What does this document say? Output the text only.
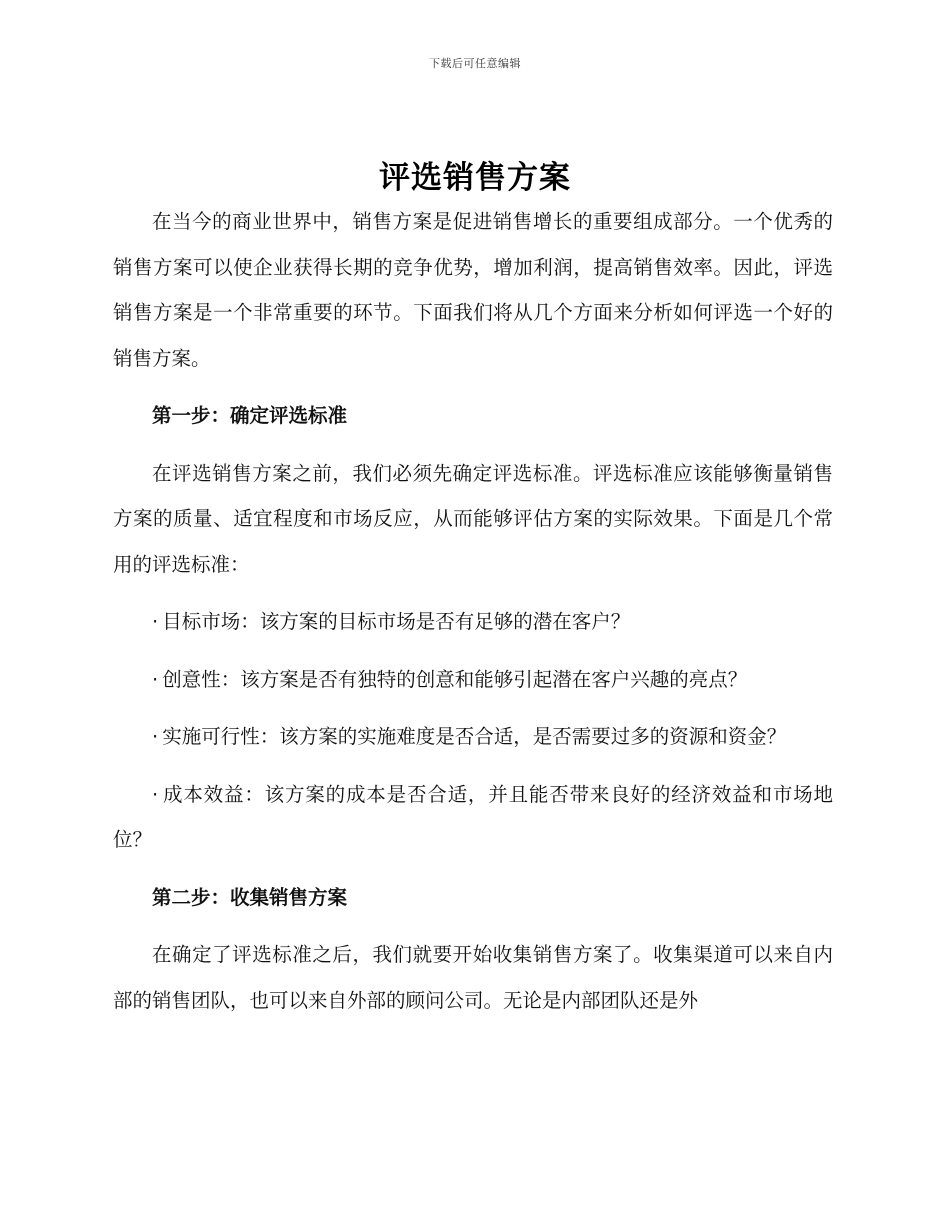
下载后可任意编辑
评选销售方案

在当今的商业世界中，销售方案是促进销售增长的重要组成部分。一个优秀的销售方案可以使企业获得长期的竞争优势，增加利润，提高销售效率。因此，评选销售方案是一个非常重要的环节。下面我们将从几个方面来分析如何评选一个好的销售方案。

第一步：确定评选标准

在评选销售方案之前，我们必须先确定评选标准。评选标准应该能够衡量销售方案的质量、适宜程度和市场反应，从而能够评估方案的实际效果。下面是几个常用的评选标准：

· 目标市场：该方案的目标市场是否有足够的潜在客户？

· 创意性：该方案是否有独特的创意和能够引起潜在客户兴趣的亮点？

· 实施可行性：该方案的实施难度是否合适，是否需要过多的资源和资金？

· 成本效益：该方案的成本是否合适，并且能否带来良好的经济效益和市场地位？

第二步：收集销售方案

在确定了评选标准之后，我们就要开始收集销售方案了。收集渠道可以来自内部的销售团队，也可以来自外部的顾问公司。无论是内部团队还是外
